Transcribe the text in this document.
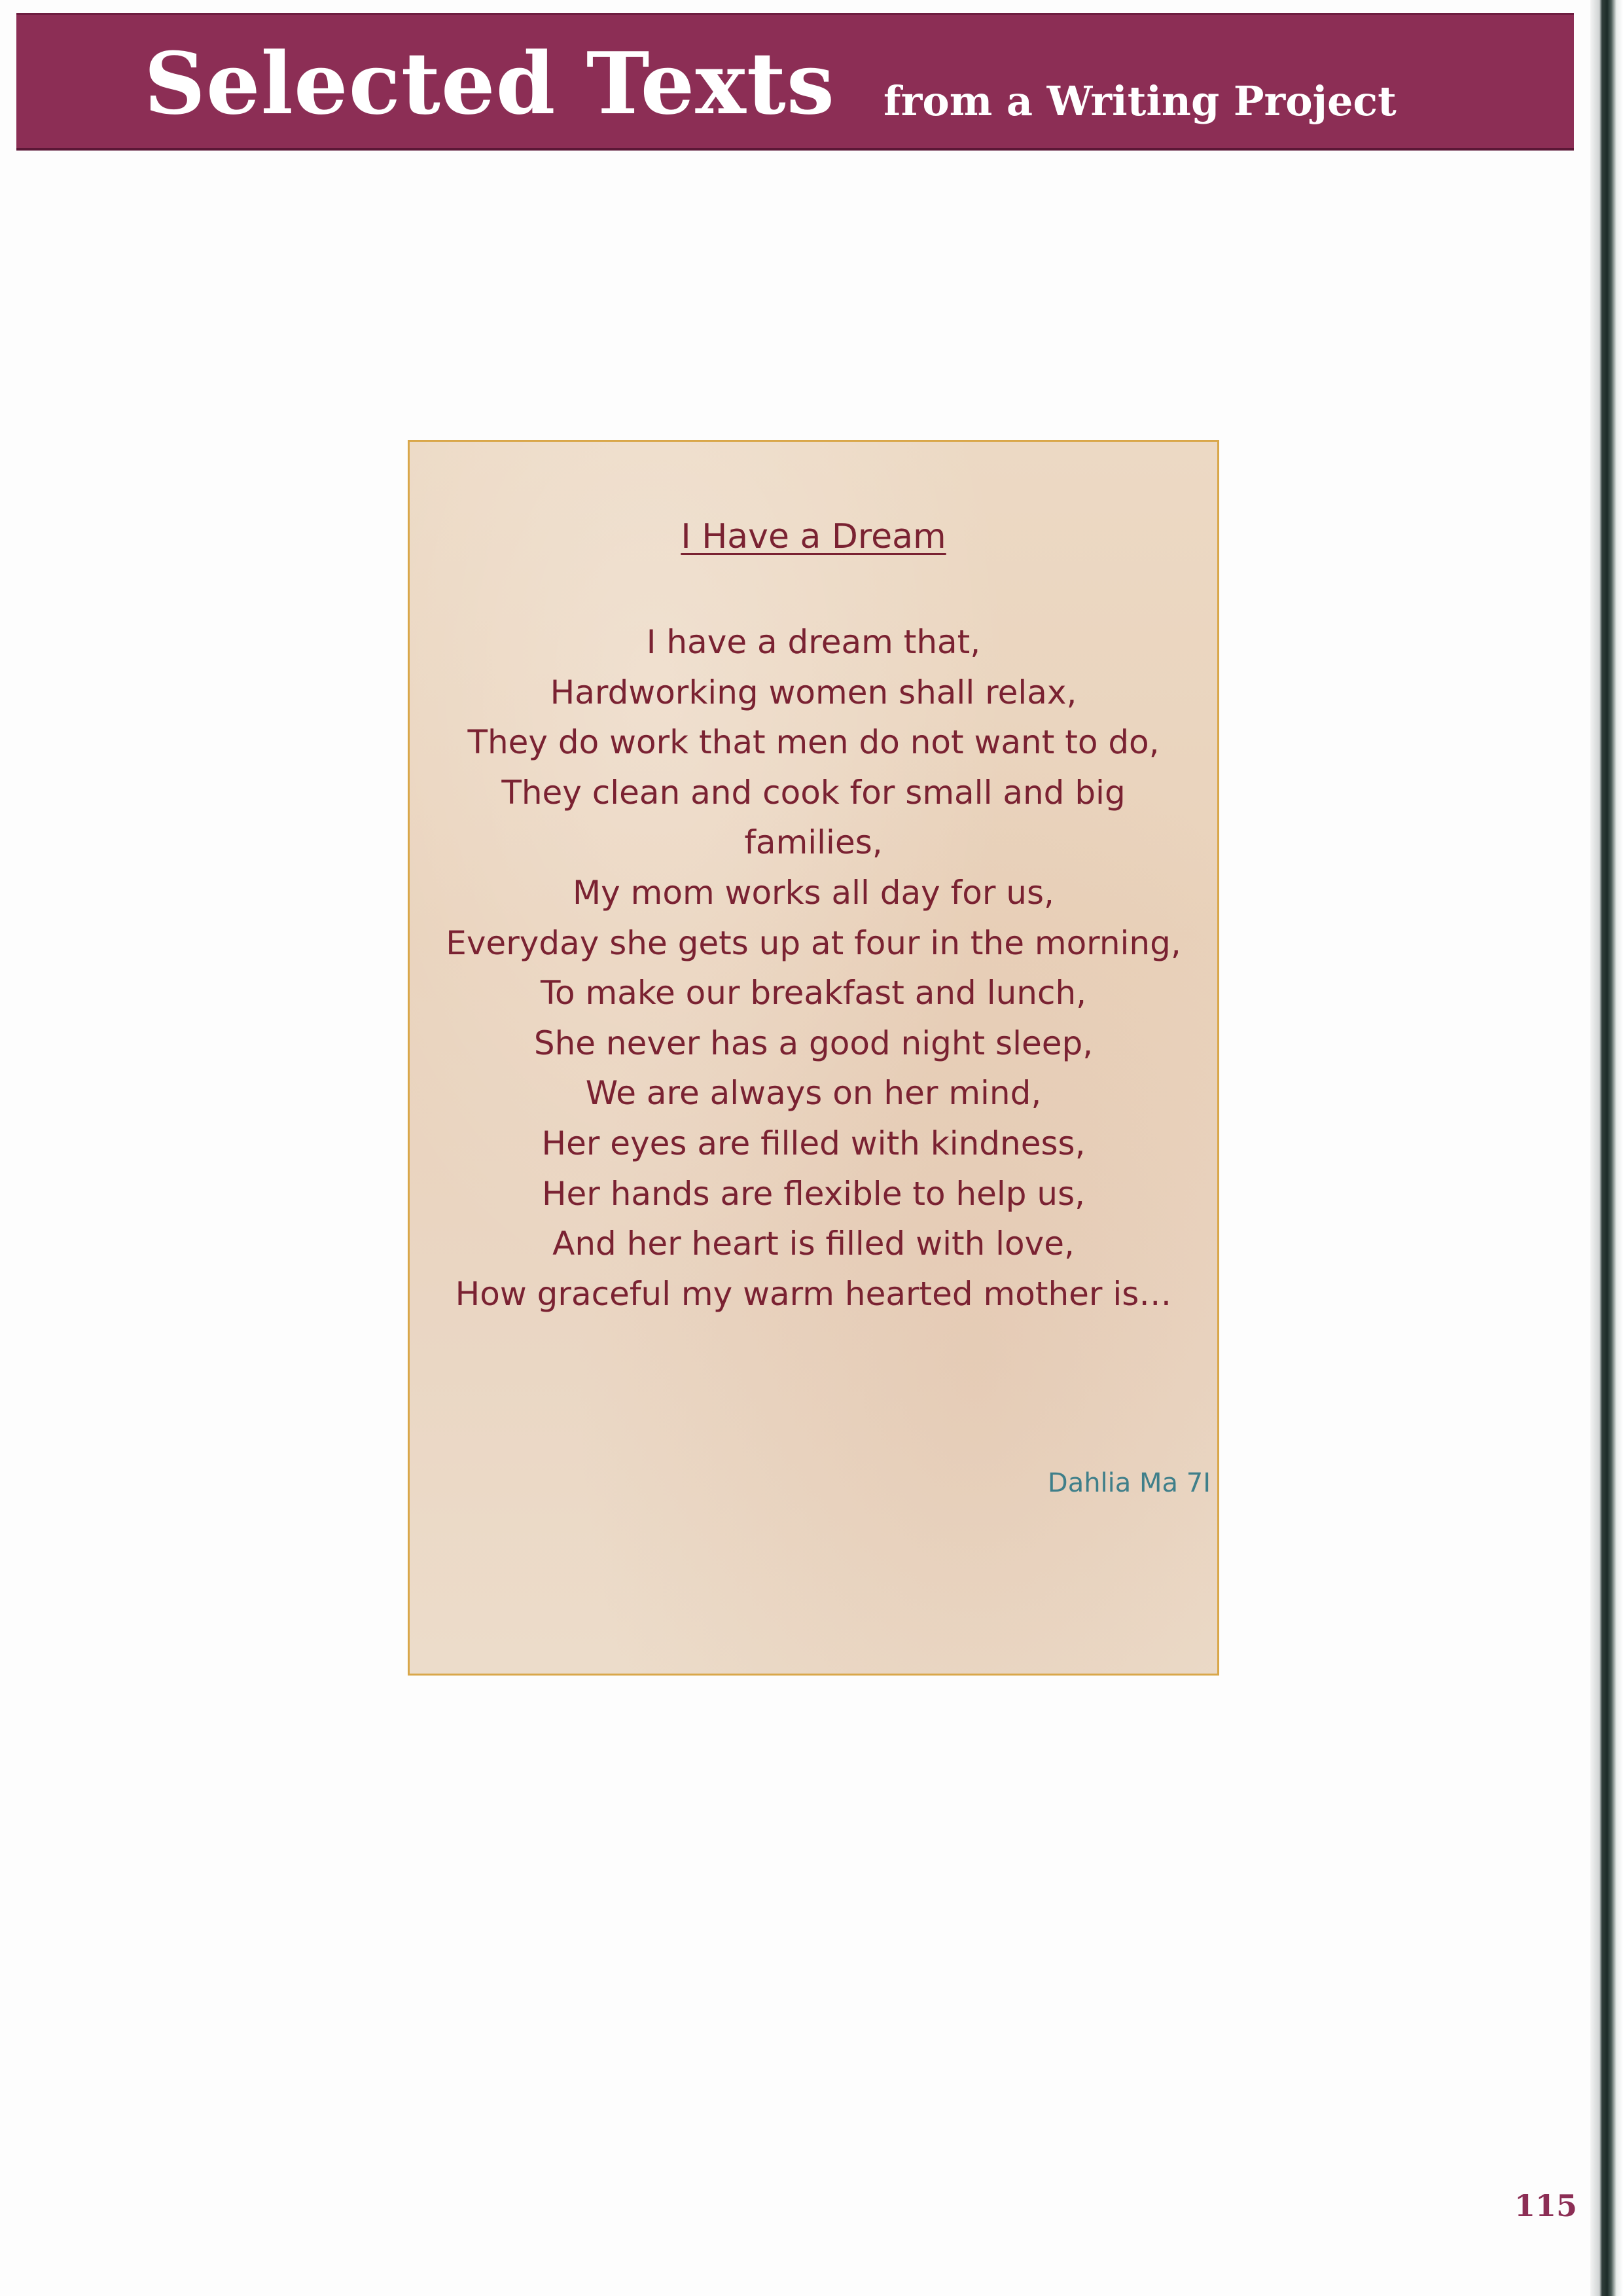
Selected Texts from a Writing Project
I Have a Dream
I have a dream that,
Hardworking women shall relax,
They do work that men do not want to do,
They clean and cook for small and big
families,
My mom works all day for us,
Everyday she gets up at four in the morning,
To make our breakfast and lunch,
She never has a good night sleep,
We are always on her mind,
Her eyes are filled with kindness,
Her hands are flexible to help us,
And her heart is filled with love,
How graceful my warm hearted mother is…
Dahlia Ma 7I
115
